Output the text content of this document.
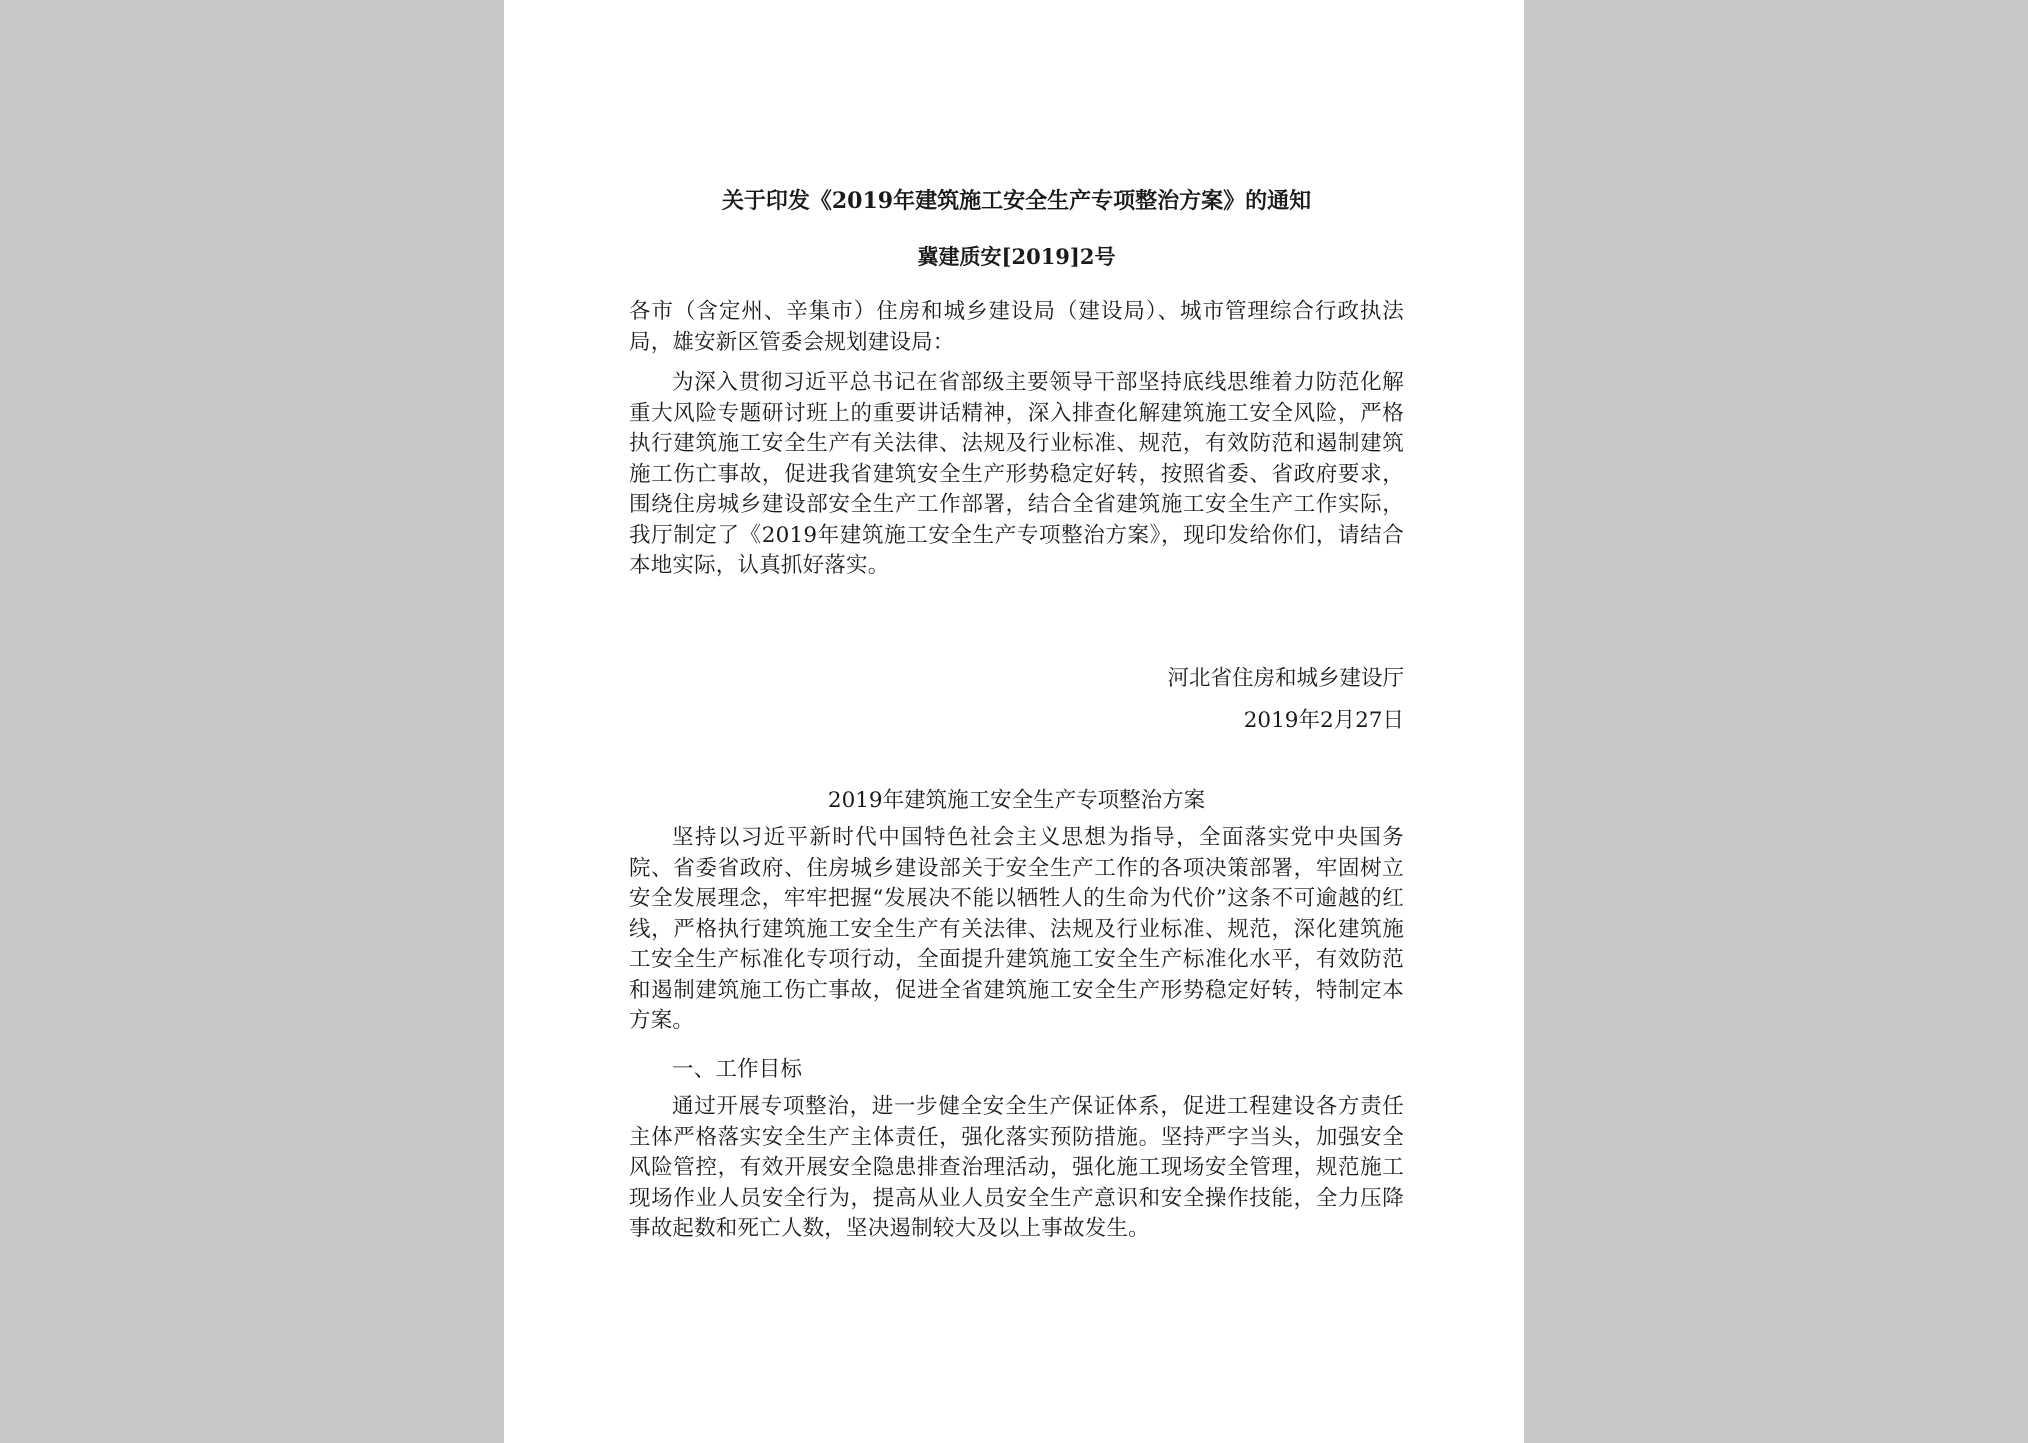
关于印发《2019年建筑施工安全生产专项整治方案》的通知
冀建质安[2019]2号

各市（含定州、辛集市）住房和城乡建设局（建设局）、城市管理综合行政执法局，雄安新区管委会规划建设局：

为深入贯彻习近平总书记在省部级主要领导干部坚持底线思维着力防范化解重大风险专题研讨班上的重要讲话精神，深入排查化解建筑施工安全风险，严格执行建筑施工安全生产有关法律、法规及行业标准、规范，有效防范和遏制建筑施工伤亡事故，促进我省建筑安全生产形势稳定好转，按照省委、省政府要求，围绕住房城乡建设部安全生产工作部署，结合全省建筑施工安全生产工作实际，我厅制定了《2019年建筑施工安全生产专项整治方案》，现印发给你们，请结合本地实际，认真抓好落实。

河北省住房和城乡建设厅

2019年2月27日

2019年建筑施工安全生产专项整治方案

坚持以习近平新时代中国特色社会主义思想为指导，全面落实党中央国务院、省委省政府、住房城乡建设部关于安全生产工作的各项决策部署，牢固树立安全发展理念，牢牢把握“发展决不能以牺牲人的生命为代价”这条不可逾越的红线，严格执行建筑施工安全生产有关法律、法规及行业标准、规范，深化建筑施工安全生产标准化专项行动，全面提升建筑施工安全生产标准化水平，有效防范和遏制建筑施工伤亡事故，促进全省建筑施工安全生产形势稳定好转，特制定本方案。

一、工作目标

通过开展专项整治，进一步健全安全生产保证体系，促进工程建设各方责任主体严格落实安全生产主体责任，强化落实预防措施。坚持严字当头，加强安全风险管控，有效开展安全隐患排查治理活动，强化施工现场安全管理，规范施工现场作业人员安全行为，提高从业人员安全生产意识和安全操作技能，全力压降事故起数和死亡人数，坚决遏制较大及以上事故发生。
